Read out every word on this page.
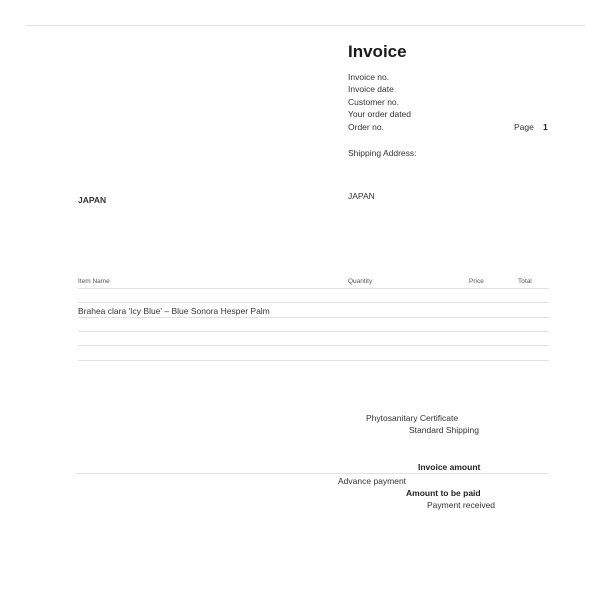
Invoice
Invoice no.
Invoice date
Customer no.
Your order dated
Order no.	Page 1
Shipping Address:
JAPAN	JAPAN
Item Name	Quantity	Price	Total
Brahea clara 'Icy Blue' – Blue Sonora Hesper Palm
Phytosanitary Certificate
Standard Shipping
Invoice amount
Advance payment
Amount to be paid
Payment received
